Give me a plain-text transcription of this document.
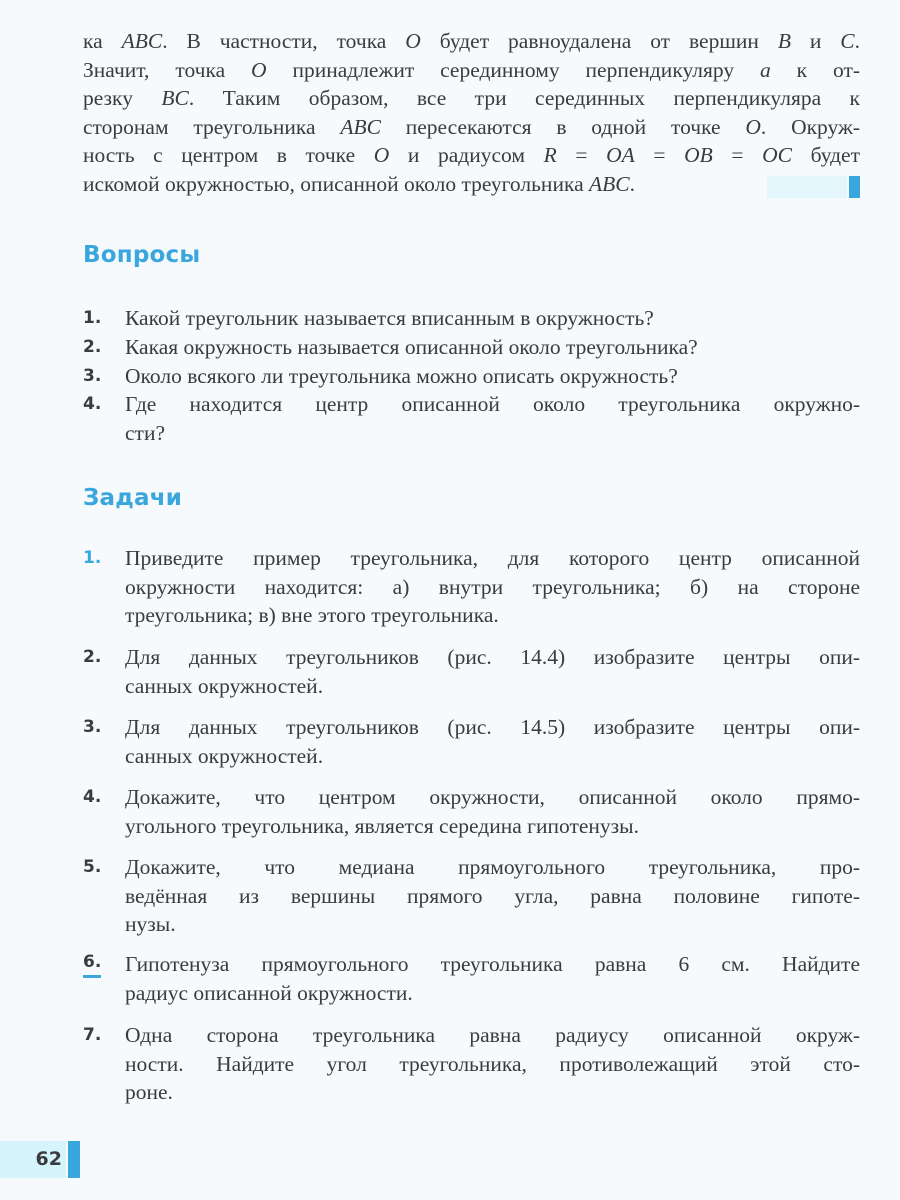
ка ABC. В частности, точка O будет равноудалена от вершин B и C.
Значит, точка O принадлежит серединному перпендикуляру a к от-
резку BC. Таким образом, все три серединных перпендикуляра к
сторонам треугольника ABC пересекаются в одной точке O. Окруж-
ность с центром в точке O и радиусом R = OA = OB = OC будет
искомой окружностью, описанной около треугольника ABC.
Вопросы
1. Какой треугольник называется вписанным в окружность?
2. Какая окружность называется описанной около треугольника?
3. Около всякого ли треугольника можно описать окружность?
4. Где находится центр описанной около треугольника окружно-
сти?
Задачи
1. Приведите пример треугольника, для которого центр описанной
окружности находится: а) внутри треугольника; б) на стороне
треугольника; в) вне этого треугольника.
2. Для данных треугольников (рис. 14.4) изобразите центры опи-
санных окружностей.
3. Для данных треугольников (рис. 14.5) изобразите центры опи-
санных окружностей.
4. Докажите, что центром окружности, описанной около прямо-
угольного треугольника, является середина гипотенузы.
5. Докажите, что медиана прямоугольного треугольника, про-
ведённая из вершины прямого угла, равна половине гипоте-
нузы.
6. Гипотенуза прямоугольного треугольника равна 6 см. Найдите
радиус описанной окружности.
7. Одна сторона треугольника равна радиусу описанной окруж-
ности. Найдите угол треугольника, противолежащий этой сто-
роне.
62
